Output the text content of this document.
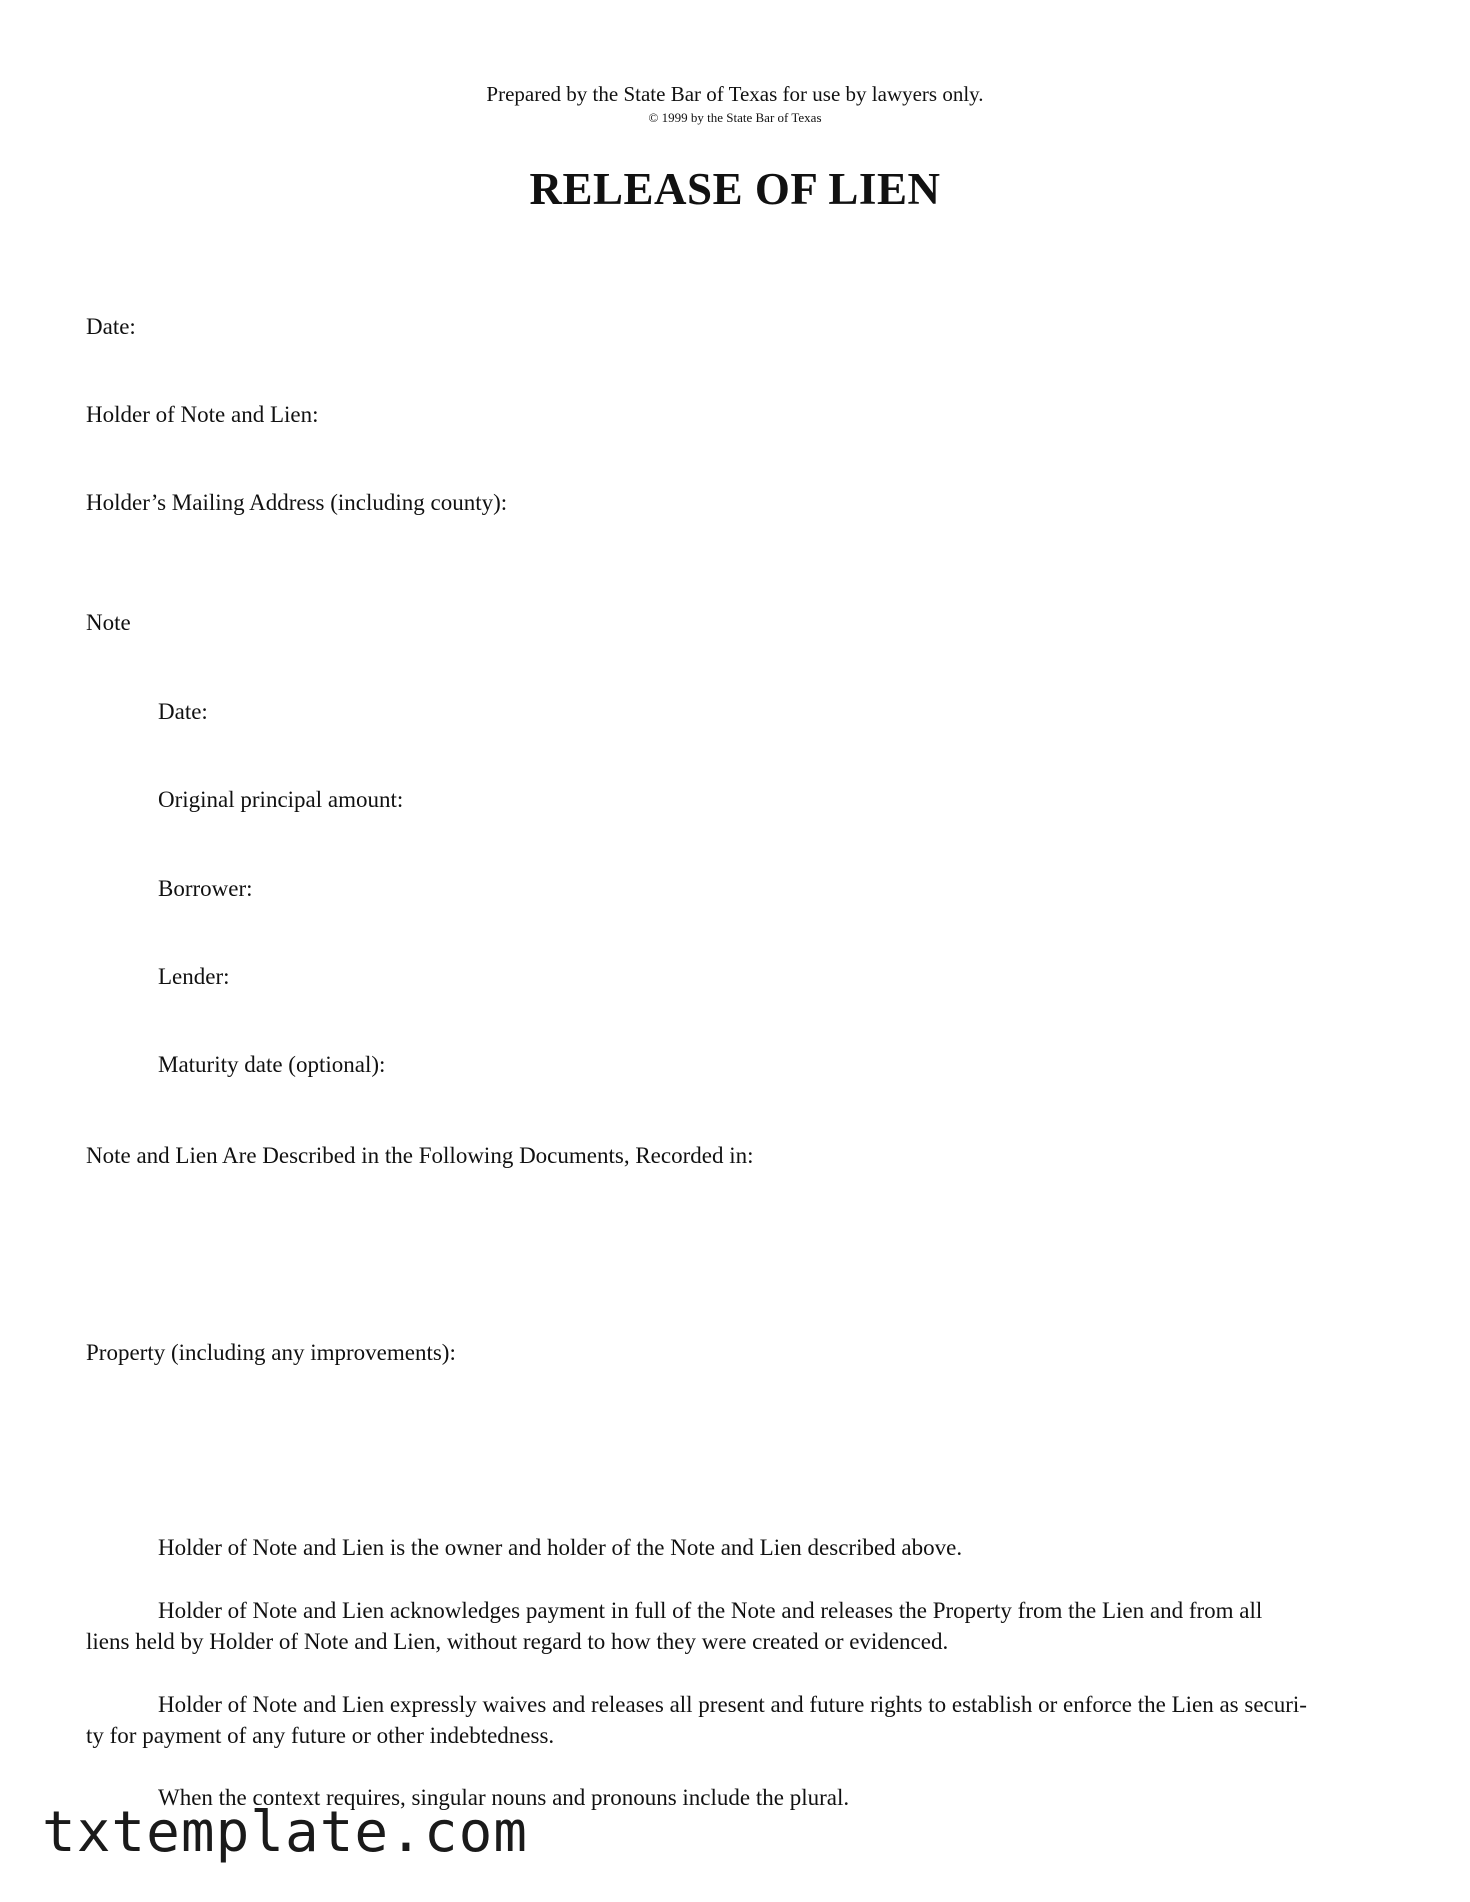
Prepared by the State Bar of Texas for use by lawyers only.
© 1999 by the State Bar of Texas
RELEASE OF LIEN
Date:
Holder of Note and Lien:
Holder’s Mailing Address (including county):
Note
Date:
Original principal amount:
Borrower:
Lender:
Maturity date (optional):
Note and Lien Are Described in the Following Documents, Recorded in:
Property (including any improvements):
Holder of Note and Lien is the owner and holder of the Note and Lien described above.
Holder of Note and Lien acknowledges payment in full of the Note and releases the Property from the Lien and from all
liens held by Holder of Note and Lien, without regard to how they were created or evidenced.
Holder of Note and Lien expressly waives and releases all present and future rights to establish or enforce the Lien as securi-
ty for payment of any future or other indebtedness.
When the context requires, singular nouns and pronouns include the plural.
txtemplate.com
